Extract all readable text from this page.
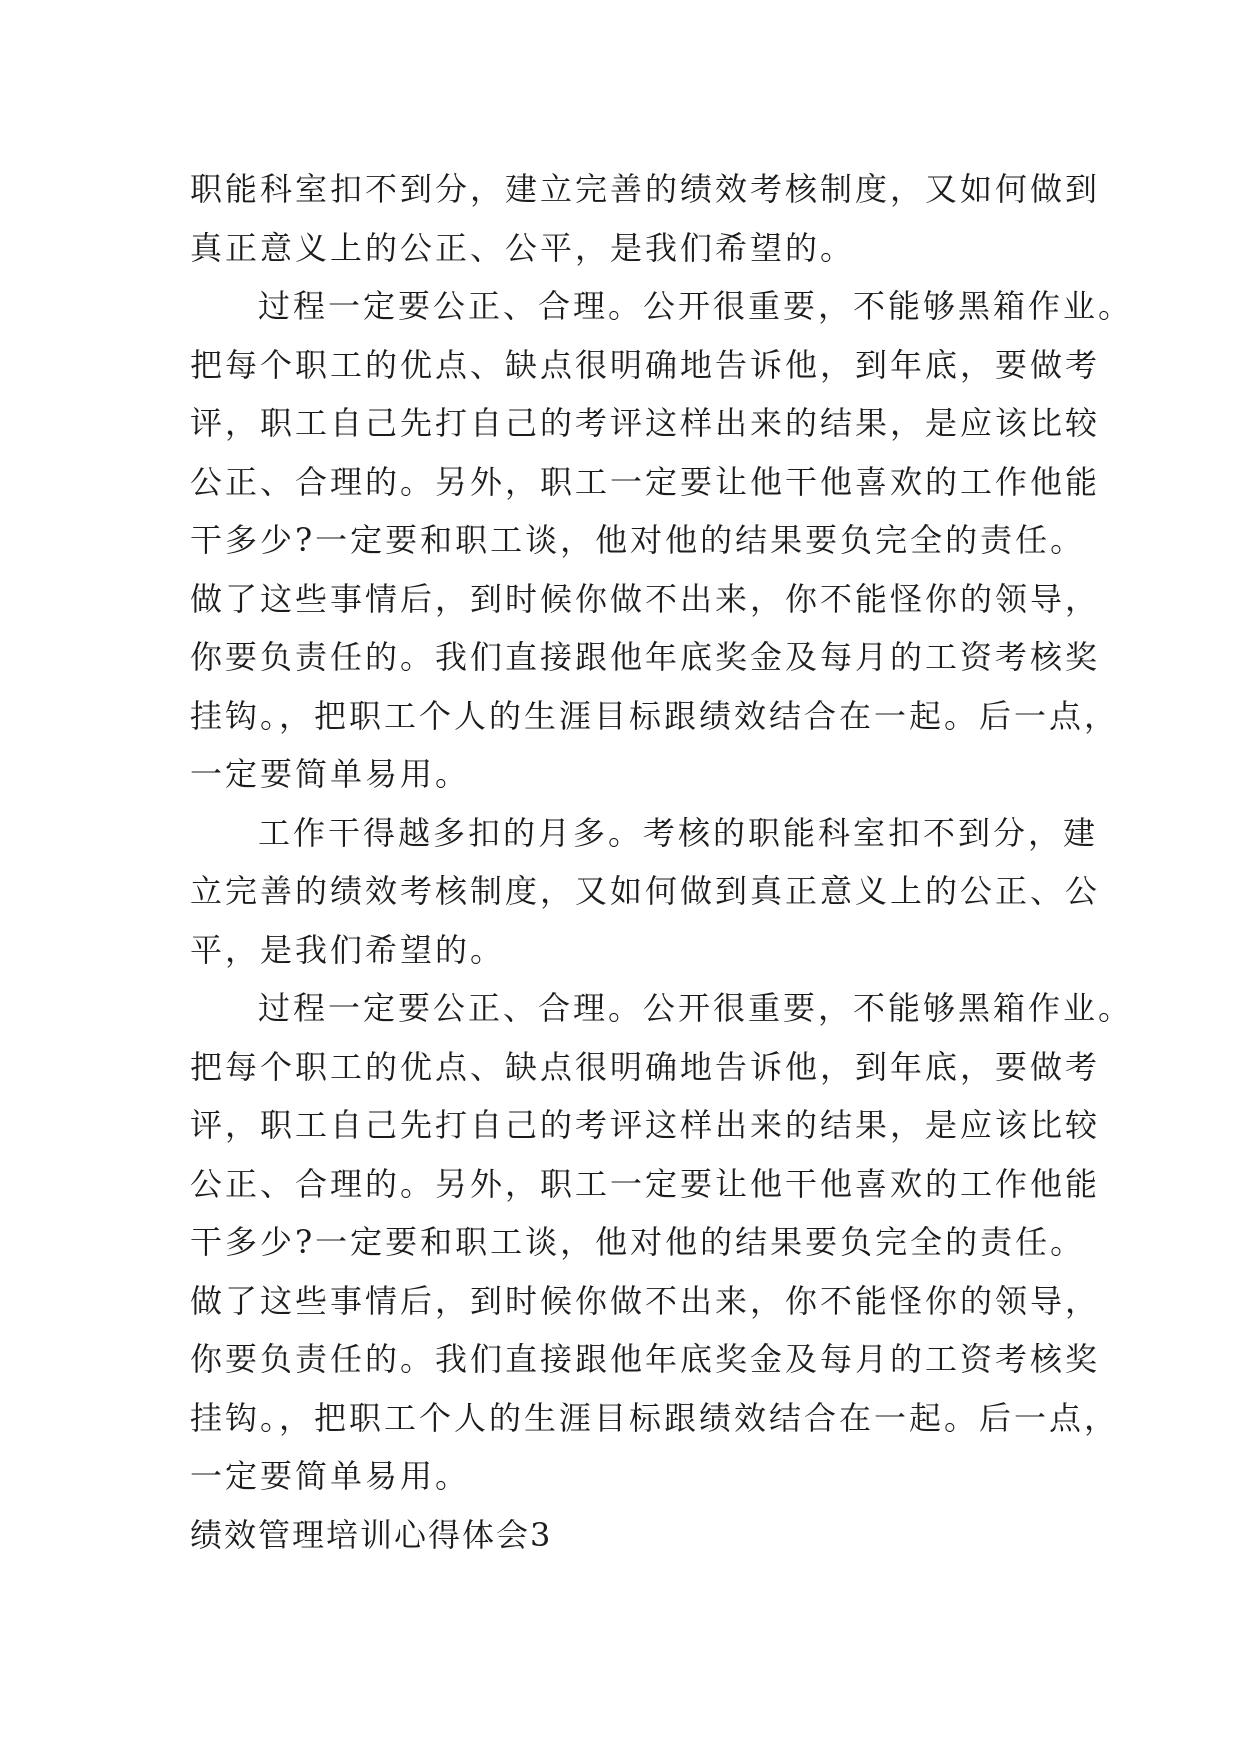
职能科室扣不到分，建立完善的绩效考核制度，又如何做到
真正意义上的公正、公平，是我们希望的。
过程一定要公正、合理。公开很重要，不能够黑箱作业。
把每个职工的优点、缺点很明确地告诉他，到年底，要做考
评，职工自己先打自己的考评这样出来的结果，是应该比较
公正、合理的。另外，职工一定要让他干他喜欢的工作他能
干多少?一定要和职工谈，他对他的结果要负完全的责任。
做了这些事情后，到时候你做不出来，你不能怪你的领导，
你要负责任的。我们直接跟他年底奖金及每月的工资考核奖
挂钩。，把职工个人的生涯目标跟绩效结合在一起。后一点，
一定要简单易用。
工作干得越多扣的月多。考核的职能科室扣不到分，建
立完善的绩效考核制度，又如何做到真正意义上的公正、公
平，是我们希望的。
过程一定要公正、合理。公开很重要，不能够黑箱作业。
把每个职工的优点、缺点很明确地告诉他，到年底，要做考
评，职工自己先打自己的考评这样出来的结果，是应该比较
公正、合理的。另外，职工一定要让他干他喜欢的工作他能
干多少?一定要和职工谈，他对他的结果要负完全的责任。
做了这些事情后，到时候你做不出来，你不能怪你的领导，
你要负责任的。我们直接跟他年底奖金及每月的工资考核奖
挂钩。，把职工个人的生涯目标跟绩效结合在一起。后一点，
一定要简单易用。
绩效管理培训心得体会3
